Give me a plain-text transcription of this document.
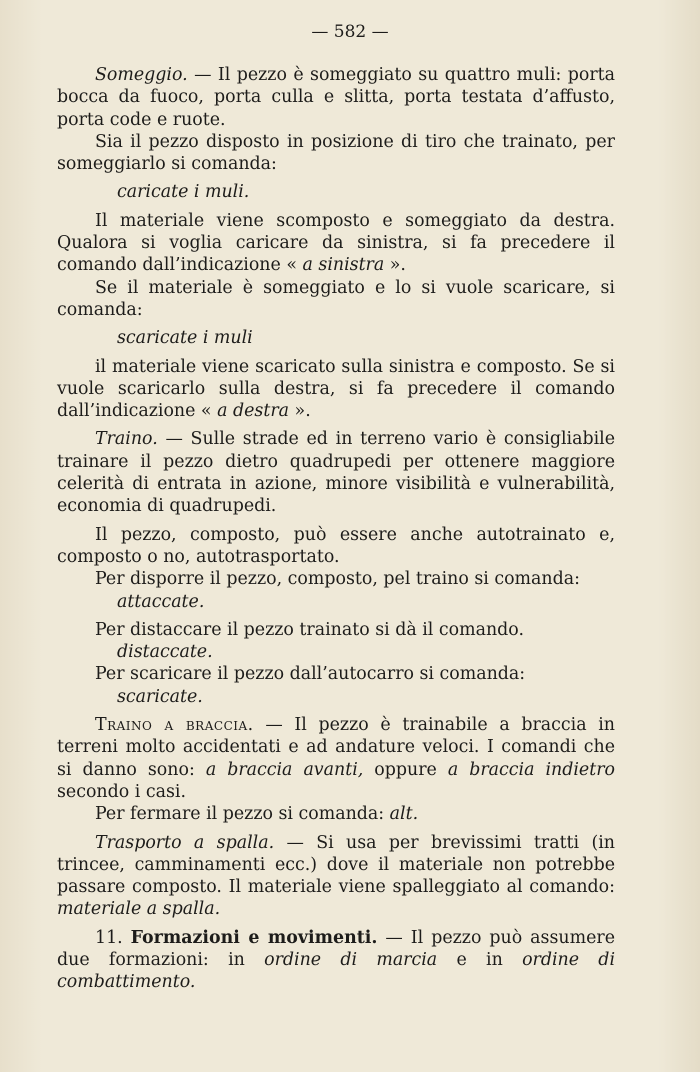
— 582 —

Someggio. — Il pezzo è someggiato su quattro muli: porta bocca da fuoco, porta culla e slitta, porta testata d’affusto, porta code e ruote.

Sia il pezzo disposto in posizione di tiro che trainato, per someggiarlo si comanda:

caricate i muli.

Il materiale viene scomposto e someggiato da destra. Qualora si voglia caricare da sinistra, si fa precedere il comando dall’indicazione « a sinistra ».

Se il materiale è someggiato e lo si vuole scaricare, si comanda:

scaricate i muli

il materiale viene scaricato sulla sinistra e composto. Se si vuole scaricarlo sulla destra, si fa precedere il comando dall’indicazione « a destra ».

Traino. — Sulle strade ed in terreno vario è consigliabile trainare il pezzo dietro quadrupedi per ottenere maggiore celerità di entrata in azione, minore visibilità e vulnerabilità, economia di quadrupedi.

Il pezzo, composto, può essere anche autotrainato e, composto o no, autotrasportato.

Per disporre il pezzo, composto, pel traino si comanda:

attaccate.

Per distaccare il pezzo trainato si dà il comando.

distaccate.

Per scaricare il pezzo dall’autocarro si comanda:

scaricate.

Traino a braccia. — Il pezzo è trainabile a braccia in terreni molto accidentati e ad andature veloci. I comandi che si danno sono: a braccia avanti, oppure a braccia indietro secondo i casi.

Per fermare il pezzo si comanda: alt.

Trasporto a spalla. — Si usa per brevissimi tratti (in trincee, camminamenti ecc.) dove il materiale non potrebbe passare composto. Il materiale viene spalleggiato al comando: materiale a spalla.

11. Formazioni e movimenti. — Il pezzo può assumere due formazioni: in ordine di marcia e in ordine di combattimento.
